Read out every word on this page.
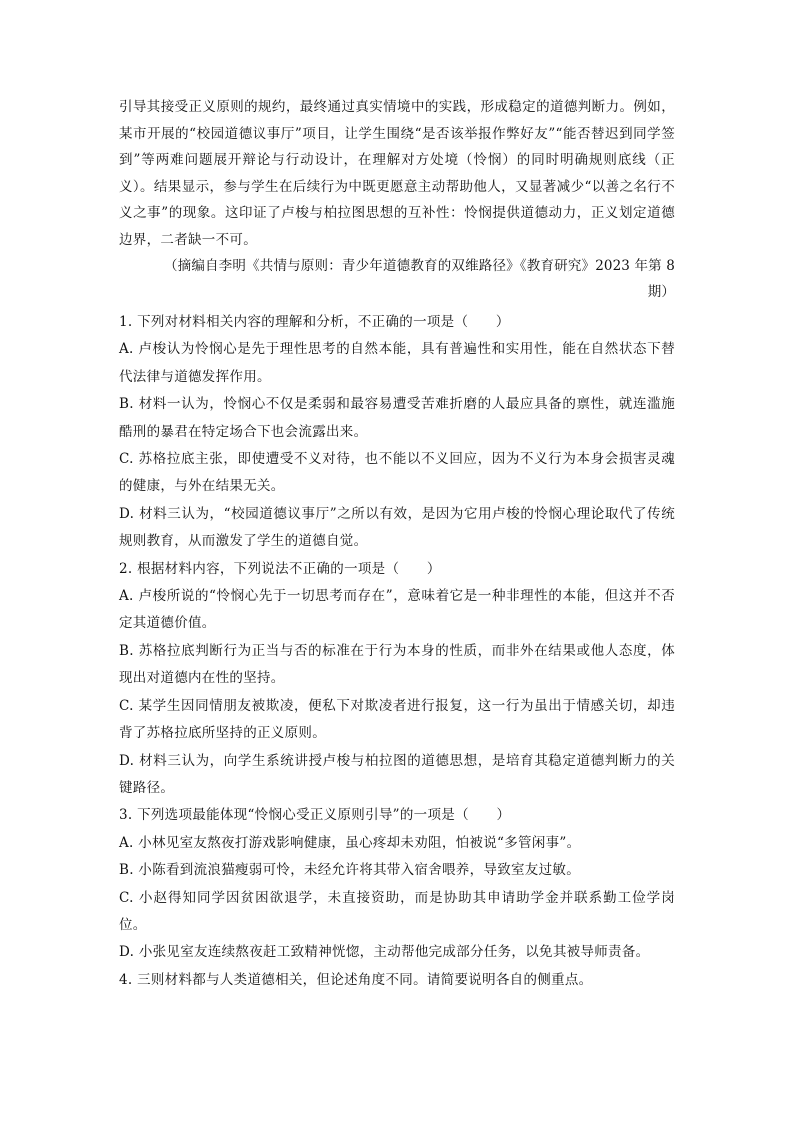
引导其接受正义原则的规约，最终通过真实情境中的实践，形成稳定的道德判断力。例如，某市开展的“校园道德议事厅”项目，让学生围绕“是否该举报作弊好友”“能否替迟到同学签到”等两难问题展开辩论与行动设计，在理解对方处境（怜悯）的同时明确规则底线（正义）。结果显示，参与学生在后续行为中既更愿意主动帮助他人，又显著减少“以善之名行不义之事”的现象。这印证了卢梭与柏拉图思想的互补性：怜悯提供道德动力，正义划定道德边界，二者缺一不可。

（摘编自李明《共情与原则：青少年道德教育的双维路径》《教育研究》2023 年第 8 期）

1. 下列对材料相关内容的理解和分析，不正确的一项是（　　）

A. 卢梭认为怜悯心是先于理性思考的自然本能，具有普遍性和实用性，能在自然状态下替代法律与道德发挥作用。

B. 材料一认为，怜悯心不仅是柔弱和最容易遭受苦难折磨的人最应具备的禀性，就连滥施酷刑的暴君在特定场合下也会流露出来。

C. 苏格拉底主张，即使遭受不义对待，也不能以不义回应，因为不义行为本身会损害灵魂的健康，与外在结果无关。

D. 材料三认为，“校园道德议事厅”之所以有效，是因为它用卢梭的怜悯心理论取代了传统规则教育，从而激发了学生的道德自觉。

2. 根据材料内容，下列说法不正确的一项是（　　）

A. 卢梭所说的“怜悯心先于一切思考而存在”，意味着它是一种非理性的本能，但这并不否定其道德价值。

B. 苏格拉底判断行为正当与否的标准在于行为本身的性质，而非外在结果或他人态度，体现出对道德内在性的坚持。

C. 某学生因同情朋友被欺凌，便私下对欺凌者进行报复，这一行为虽出于情感关切，却违背了苏格拉底所坚持的正义原则。

D. 材料三认为，向学生系统讲授卢梭与柏拉图的道德思想，是培育其稳定道德判断力的关键路径。

3. 下列选项最能体现“怜悯心受正义原则引导”的一项是（　　）

A. 小林见室友熬夜打游戏影响健康，虽心疼却未劝阻，怕被说“多管闲事”。

B. 小陈看到流浪猫瘦弱可怜，未经允许将其带入宿舍喂养，导致室友过敏。

C. 小赵得知同学因贫困欲退学，未直接资助，而是协助其申请助学金并联系勤工俭学岗位。

D. 小张见室友连续熬夜赶工致精神恍惚，主动帮他完成部分任务，以免其被导师责备。

4. 三则材料都与人类道德相关，但论述角度不同。请简要说明各自的侧重点。
